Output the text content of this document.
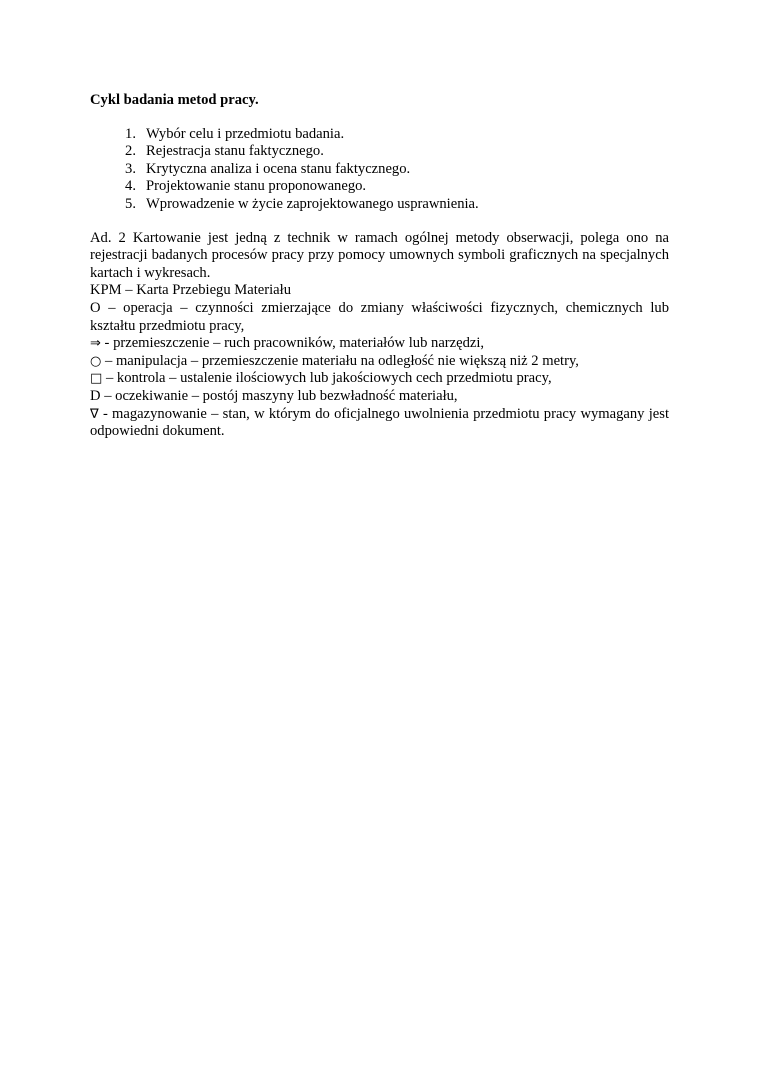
Cykl badania metod pracy.

1. Wybór celu i przedmiotu badania.
2. Rejestracja stanu faktycznego.
3. Krytyczna analiza i ocena stanu faktycznego.
4. Projektowanie stanu proponowanego.
5. Wprowadzenie w życie zaprojektowanego usprawnienia.

Ad. 2 Kartowanie jest jedną z technik w ramach ogólnej metody obserwacji, polega ono na rejestracji badanych procesów pracy przy pomocy umownych symboli graficznych na specjalnych kartach i wykresach.

KPM – Karta Przebiegu Materiału

O – operacja – czynności zmierzające do zmiany właściwości fizycznych, chemicznych lub kształtu przedmiotu pracy,

⇒ - przemieszczenie – ruch pracowników, materiałów lub narzędzi,

○ – manipulacja – przemieszczenie materiału na odległość nie większą niż 2 metry,

□ – kontrola – ustalenie ilościowych lub jakościowych cech przedmiotu pracy,

D – oczekiwanie – postój maszyny lub bezwładność materiału,

∇ - magazynowanie – stan, w którym do oficjalnego uwolnienia przedmiotu pracy wymagany jest odpowiedni dokument.
